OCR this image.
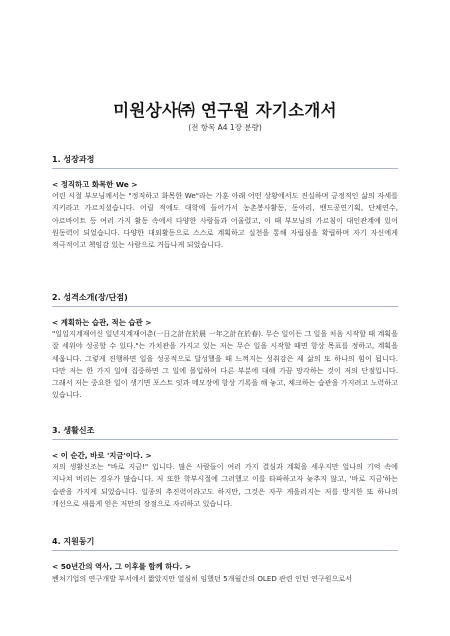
미원상사㈜ 연구원 자기소개서
(전 항목 A4 1장 분량)
1. 성장과정
< 정직하고 화목한 We >
어린 시절 부모님께서는 "정직하고 화목한 We"라는 가훈 아래 어떤 상황에서도 진실하며 긍정적인 삶의 자세를 지키라고 가르치셨습니다. 어릴 적에도 대학에 들어가서 농촌봉사활동, 동아리, 밴드공연기획, 단체연수, 아르바이트 등 여러 가지 활동 속에서 다양한 사람들과 어울렸고, 이 때 부모님의 가르침이 대인관계에 있어 원동력이 되었습니다. 다양한 대외활동으로 스스로 계획하고 실천을 통해 자립심을 확립하며 자기 자신에게 적극적이고 책임감 있는 사람으로 거듭나게 되었습니다.
2. 성격소개(장/단점)
< 계획하는 습관, 적는 습관 >
"일일지계재어신 일년지계재어춘(一日之計在於晨 一年之計在於春). 무슨 일이든 그 일을 처음 시작할 때 계획을 잘 세워야 성공할 수 있다."는 가치관을 가지고 있는 저는 무슨 일을 시작할 때면 항상 목표를 정하고, 계획을 세웁니다. 그렇게 진행하면 일을 성공적으로 달성했을 때 느껴지는 성취감은 제 삶의 또 하나의 힘이 됩니다. 다만 저는 한 가지 일에 집중하면 그 일에 몰입하여 다른 부분에 대해 가끔 망각하는 것이 저의 단점입니다. 그래서 저는 중요한 일이 생기면 포스트 잇과 메모장에 항상 기록을 해 놓고, 체크하는 습관을 가지려고 노력하고 있습니다.
3. 생활신조
< 이 순간, 바로 '지금'이다. >
저의 생활신조는 "바로 지금!" 입니다. 많은 사람들이 여러 가지 결심과 계획을 세우지만 얼나의 기억 속에 지나쳐 버리는 경우가 많습니다. 저 또한 학부시절에 그러했고 이를 타파하고자 늦추지 않고, '바로 지금'하는 습관을 가지게 되었습니다. 일종의 추진력이라고도 하지만, 그것은 자꾸 게을러지는 저를 방지한 또 하나의 개선으로 새롭게 얻은 저만의 장점으로 자리하고 있습니다.
4. 지원동기
< 50년간의 역사, 그 이후를 함께 하다. >
벤처기업의 연구개발 부서에서 짧았지만 열심히 임했던 5개월간의 OLED 관련 인턴 연구원으로서
